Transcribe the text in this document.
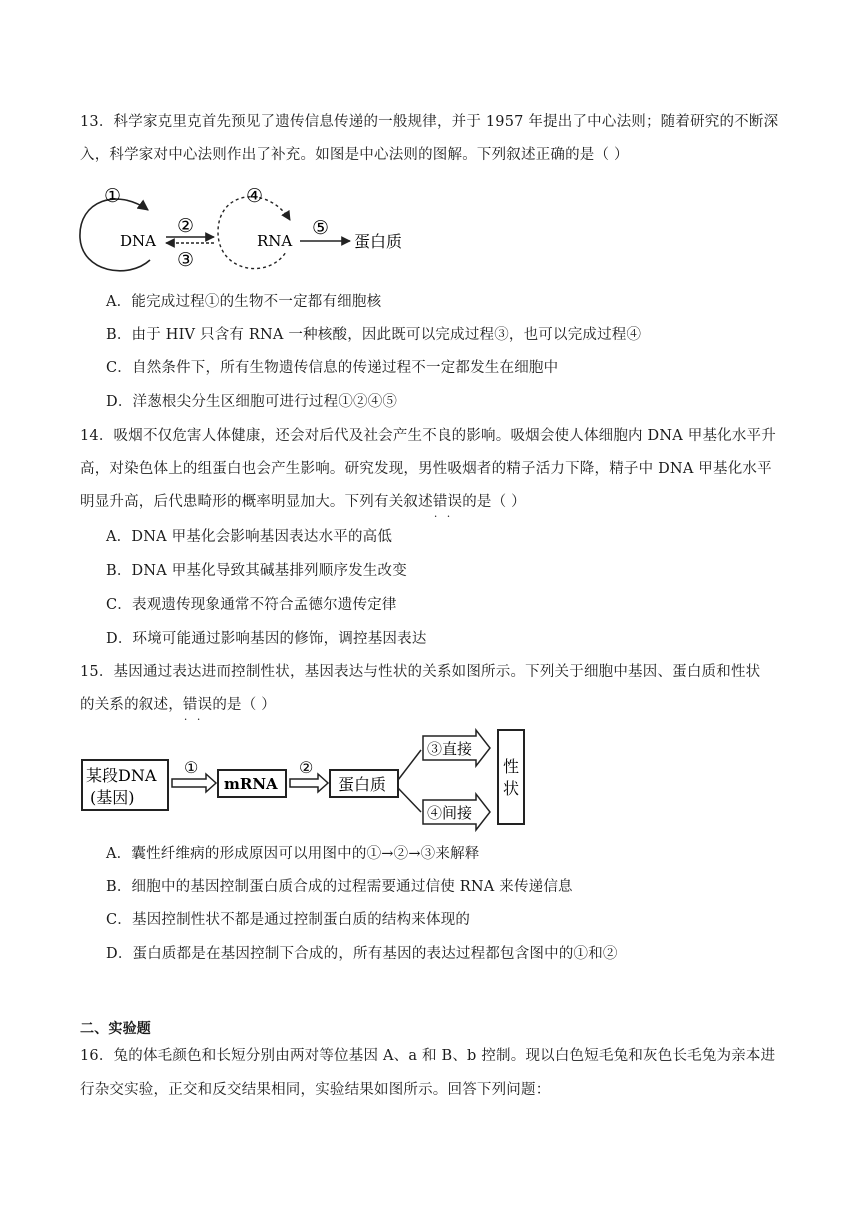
13．科学家克里克首先预见了遗传信息传递的一般规律，并于 1957 年提出了中心法则；随着研究的不断深
入，科学家对中心法则作出了补充。如图是中心法则的图解。下列叙述正确的是（ ）
①
DNA
②
③
④
RNA
⑤
蛋白质
A．能完成过程①的生物不一定都有细胞核
B．由于 HIV 只含有 RNA 一种核酸，因此既可以完成过程③，也可以完成过程④
C．自然条件下，所有生物遗传信息的传递过程不一定都发生在细胞中
D．洋葱根尖分生区细胞可进行过程①②④⑤
14．吸烟不仅危害人体健康，还会对后代及社会产生不良的影响。吸烟会使人体细胞内 DNA 甲基化水平升
高，对染色体上的组蛋白也会产生影响。研究发现，男性吸烟者的精子活力下降，精子中 DNA 甲基化水平
明显升高，后代患畸形的概率明显加大。下列有关叙述错误 · ·的是（ ）
A．DNA 甲基化会影响基因表达水平的高低
B．DNA 甲基化导致其碱基排列顺序发生改变
C．表观遗传现象通常不符合孟德尔遗传定律
D．环境可能通过影响基因的修饰，调控基因表达
15．基因通过表达进而控制性状，基因表达与性状的关系如图所示。下列关于细胞中基因、蛋白质和性状
的关系的叙述，错误 · ·的是（ ）
某段DNA
(基因)
①
mRNA
②
蛋白质
③直接
④间接
性
状
A．囊性纤维病的形成原因可以用图中的①→②→③来解释
B．细胞中的基因控制蛋白质合成的过程需要通过信使 RNA 来传递信息
C．基因控制性状不都是通过控制蛋白质的结构来体现的
D．蛋白质都是在基因控制下合成的，所有基因的表达过程都包含图中的①和②
二、实验题
16．兔的体毛颜色和长短分别由两对等位基因 A、a 和 B、b 控制。现以白色短毛兔和灰色长毛兔为亲本进
行杂交实验，正交和反交结果相同，实验结果如图所示。回答下列问题：
